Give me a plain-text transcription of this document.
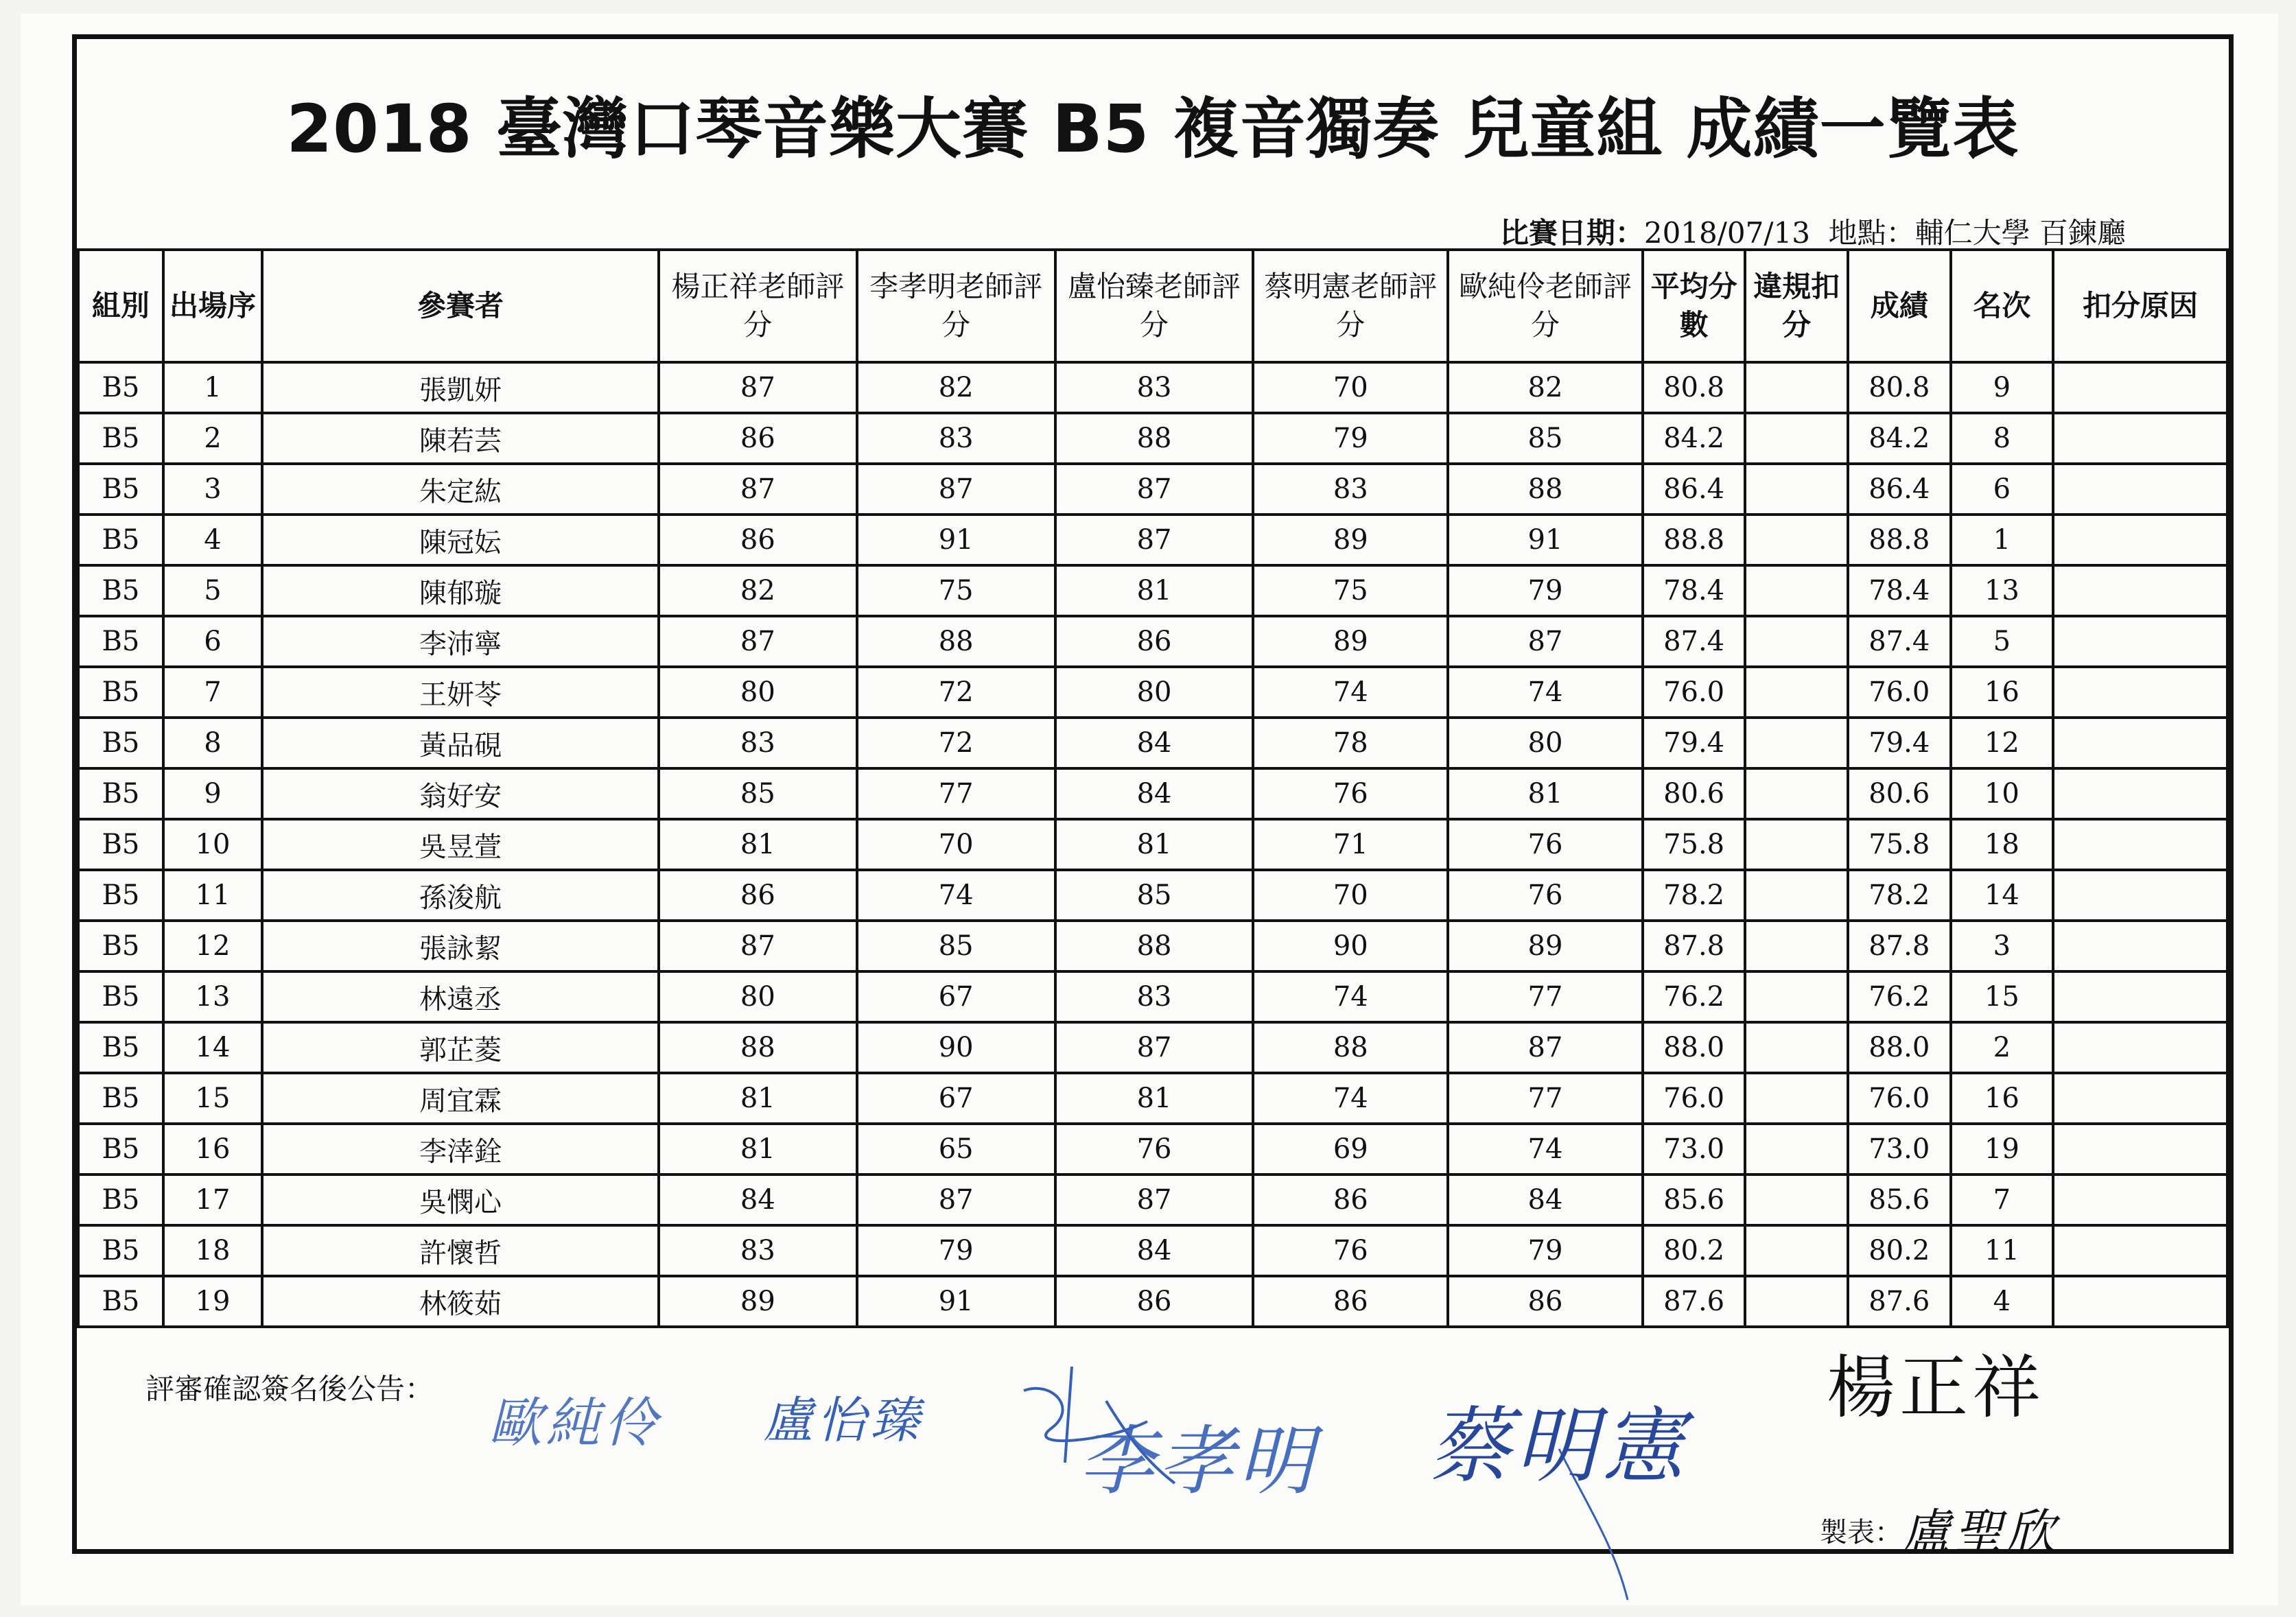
2018 臺灣口琴音樂大賽 B5 複音獨奏 兒童組 成績一覽表
比賽日期：2018/07/13 地點：輔仁大學 百鍊廳
組別	出場序	參賽者	楊正祥老師評分	李孝明老師評分	盧怡臻老師評分	蔡明憲老師評分	歐純伶老師評分	平均分數	違規扣分	成績	名次	扣分原因
B5	1	張凱妍	87	82	83	70	82	80.8		80.8	9	
B5	2	陳若芸	86	83	88	79	85	84.2		84.2	8	
B5	3	朱定紘	87	87	87	83	88	86.4		86.4	6	
B5	4	陳冠妘	86	91	87	89	91	88.8		88.8	1	
B5	5	陳郁璇	82	75	81	75	79	78.4		78.4	13	
B5	6	李沛寧	87	88	86	89	87	87.4		87.4	5	
B5	7	王妍苓	80	72	80	74	74	76.0		76.0	16	
B5	8	黃品硯	83	72	84	78	80	79.4		79.4	12	
B5	9	翁好安	85	77	84	76	81	80.6		80.6	10	
B5	10	吳昱萱	81	70	81	71	76	75.8		75.8	18	
B5	11	孫浚航	86	74	85	70	76	78.2		78.2	14	
B5	12	張詠絜	87	85	88	90	89	87.8		87.8	3	
B5	13	林遠丞	80	67	83	74	77	76.2		76.2	15	
B5	14	郭芷菱	88	90	87	88	87	88.0		88.0	2	
B5	15	周宜霖	81	67	81	74	77	76.0		76.0	16	
B5	16	李涬銓	81	65	76	69	74	73.0		73.0	19	
B5	17	吳憫心	84	87	87	86	84	85.6		85.6	7	
B5	18	許懷哲	83	79	84	76	79	80.2		80.2	11	
B5	19	林筱茹	89	91	86	86	86	87.6		87.6	4	
評審確認簽名後公告：
製表：
歐純伶 盧怡臻 李孝明 蔡明憲
楊正祥
盧聖欣
